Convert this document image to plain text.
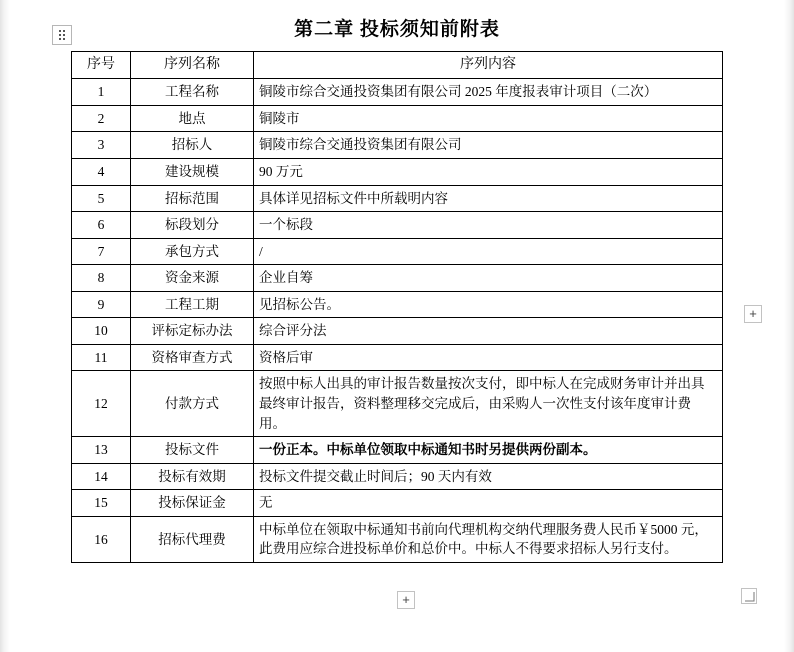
第二章 投标须知前附表
序号	序列名称	序列内容
1	工程名称	铜陵市综合交通投资集团有限公司 2025 年度报表审计项目（二次）
2	地点	铜陵市
3	招标人	铜陵市综合交通投资集团有限公司
4	建设规模	90 万元
5	招标范围	具体详见招标文件中所载明内容
6	标段划分	一个标段
7	承包方式	/
8	资金来源	企业自筹
9	工程工期	见招标公告。
10	评标定标办法	综合评分法
11	资格审查方式	资格后审
12	付款方式	按照中标人出具的审计报告数量按次支付，即中标人在完成财务审计并出具最终审计报告，资料整理移交完成后，由采购人一次性支付该年度审计费用。
13	投标文件	一份正本。中标单位领取中标通知书时另提供两份副本。
14	投标有效期	投标文件提交截止时间后；90 天内有效
15	投标保证金	无
16	招标代理费	中标单位在领取中标通知书前向代理机构交纳代理服务费人民币￥5000 元，此费用应综合进投标单价和总价中。中标人不得要求招标人另行支付。
+
+
